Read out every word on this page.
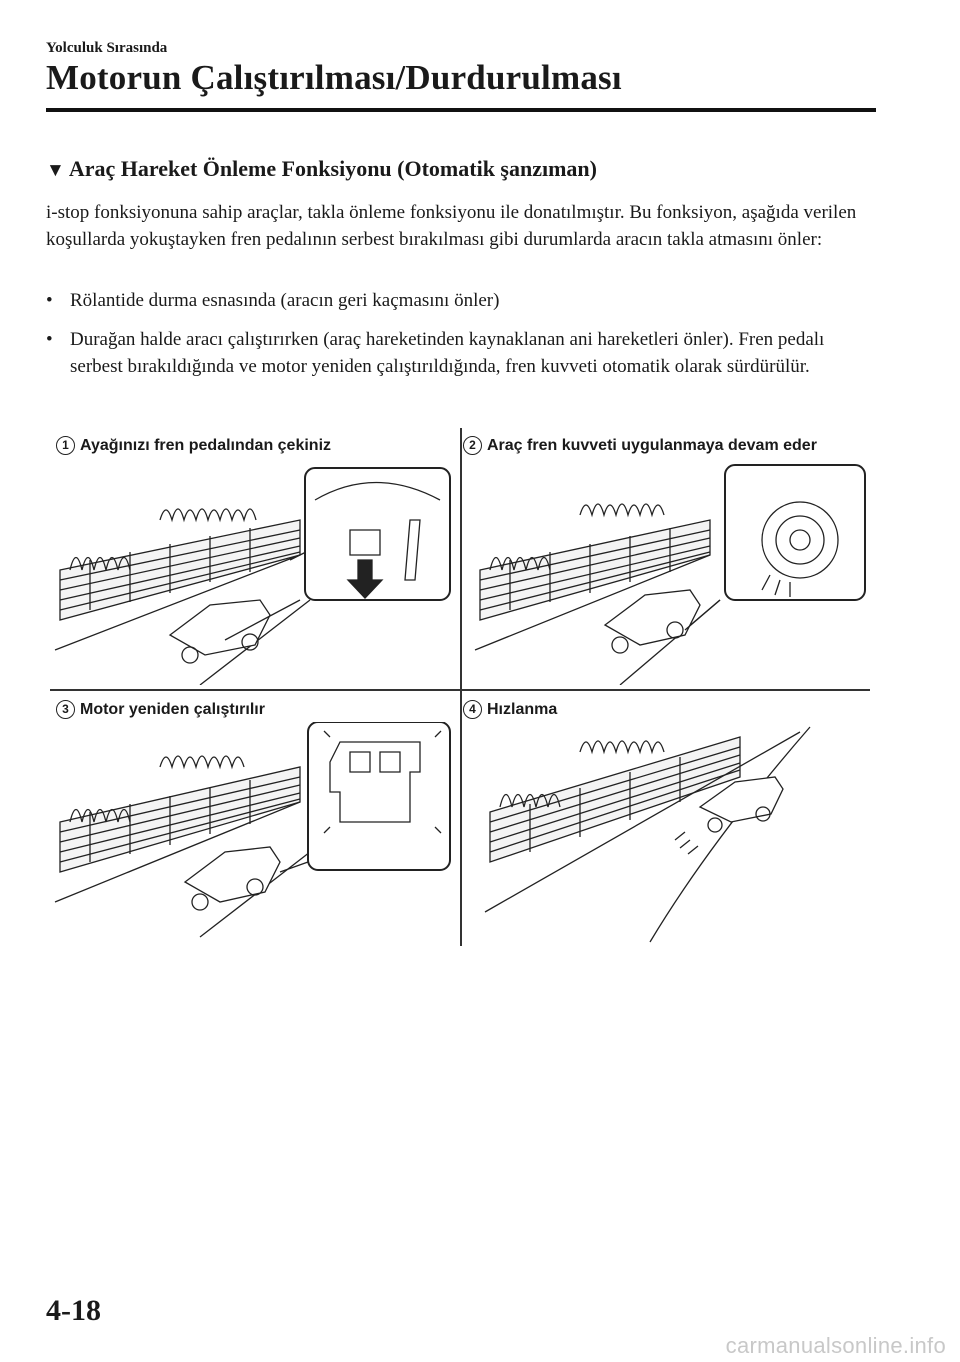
Yolculuk Sırasında
Motorun Çalıştırılması/Durdurulması
▼ Araç Hareket Önleme Fonksiyonu (Otomatik şanzıman)
i-stop fonksiyonuna sahip araçlar, takla önleme fonksiyonu ile donatılmıştır. Bu fonksiyon, aşağıda verilen koşullarda yokuştayken fren pedalının serbest bırakılması gibi durumlarda aracın takla atmasını önler:
• Rölantide durma esnasında (aracın geri kaçmasını önler)
• Durağan halde aracı çalıştırırken (araç hareketinden kaynaklanan ani hareketleri önler). Fren pedalı serbest bırakıldığında ve motor yeniden çalıştırıldığında, fren kuvveti otomatik olarak sürdürülür.
1 Ayağınızı fren pedalından çekiniz	2 Araç fren kuvveti uygulanmaya devam eder
3 Motor yeniden çalıştırılır	4 Hızlanma
4-18
carmanualsonline.info
